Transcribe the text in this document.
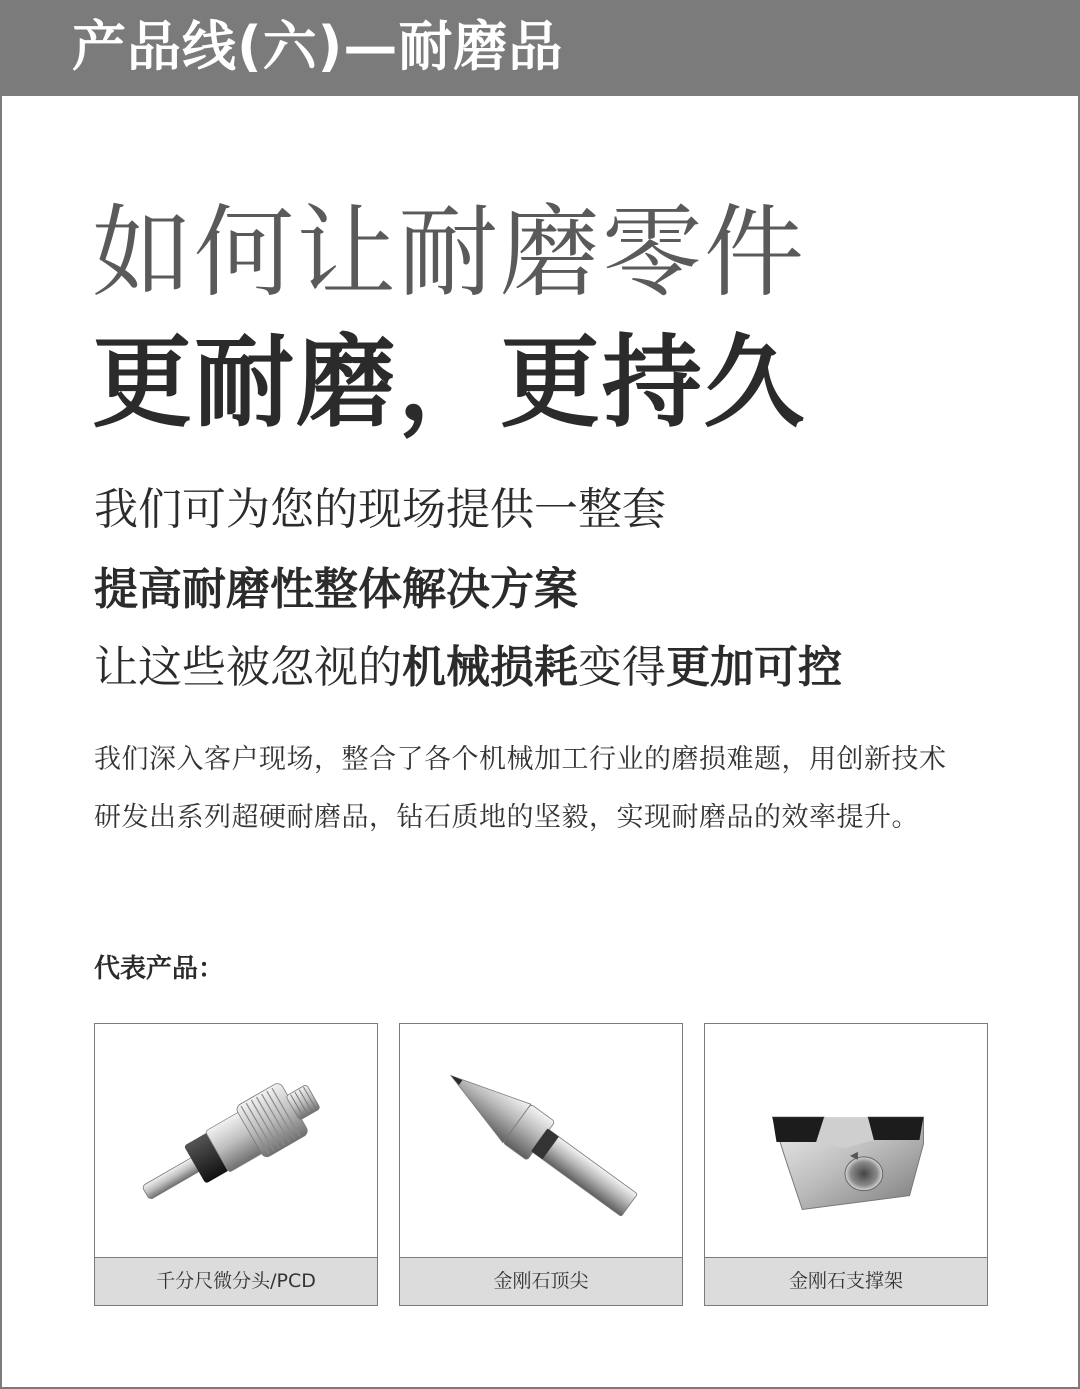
产品线(六)—耐磨品
如何让耐磨零件
更耐磨，更持久
我们可为您的现场提供一整套
提高耐磨性整体解决方案
让这些被忽视的机械损耗变得更加可控
我们深入客户现场，整合了各个机械加工行业的磨损难题，用创新技术
研发出系列超硬耐磨品，钻石质地的坚毅，实现耐磨品的效率提升。
代表产品：
千分尺微分头/PCD	金刚石顶尖	金刚石支撑架
